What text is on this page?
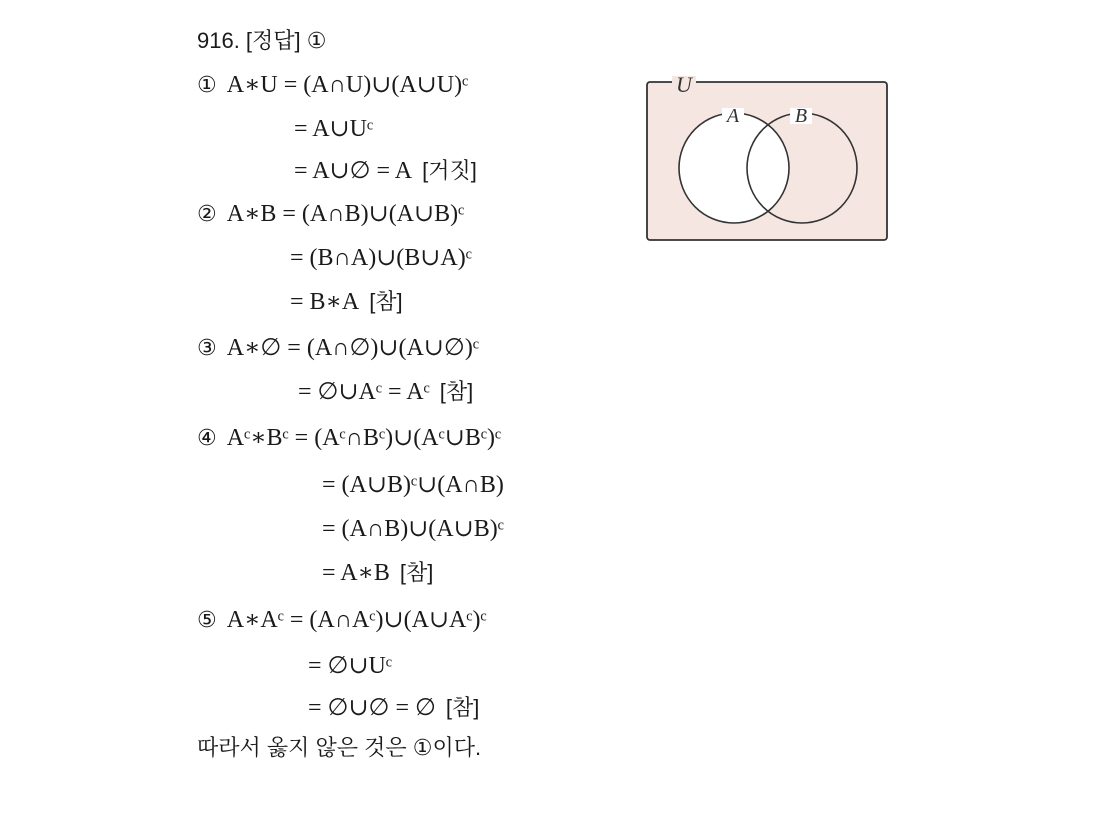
916. [정답] ①
① A∗U = (A∩U)∪(A∪U)ᶜ
= A∪Uᶜ
= A∪∅ = A [거짓]
② A∗B = (A∩B)∪(A∪B)ᶜ
= (B∩A)∪(B∪A)ᶜ
= B∗A [참]
③ A∗∅ = (A∩∅)∪(A∪∅)ᶜ
= ∅∪Aᶜ = Aᶜ [참]
④ Aᶜ∗Bᶜ = (Aᶜ∩Bᶜ)∪(Aᶜ∪Bᶜ)ᶜ
= (A∪B)ᶜ∪(A∩B)
= (A∩B)∪(A∪B)ᶜ
= A∗B [참]
⑤ A∗Aᶜ = (A∩Aᶜ)∪(A∪Aᶜ)ᶜ
= ∅∪Uᶜ
= ∅∪∅ = ∅ [참]
따라서 옳지 않은 것은 ①이다.
U
A	B
